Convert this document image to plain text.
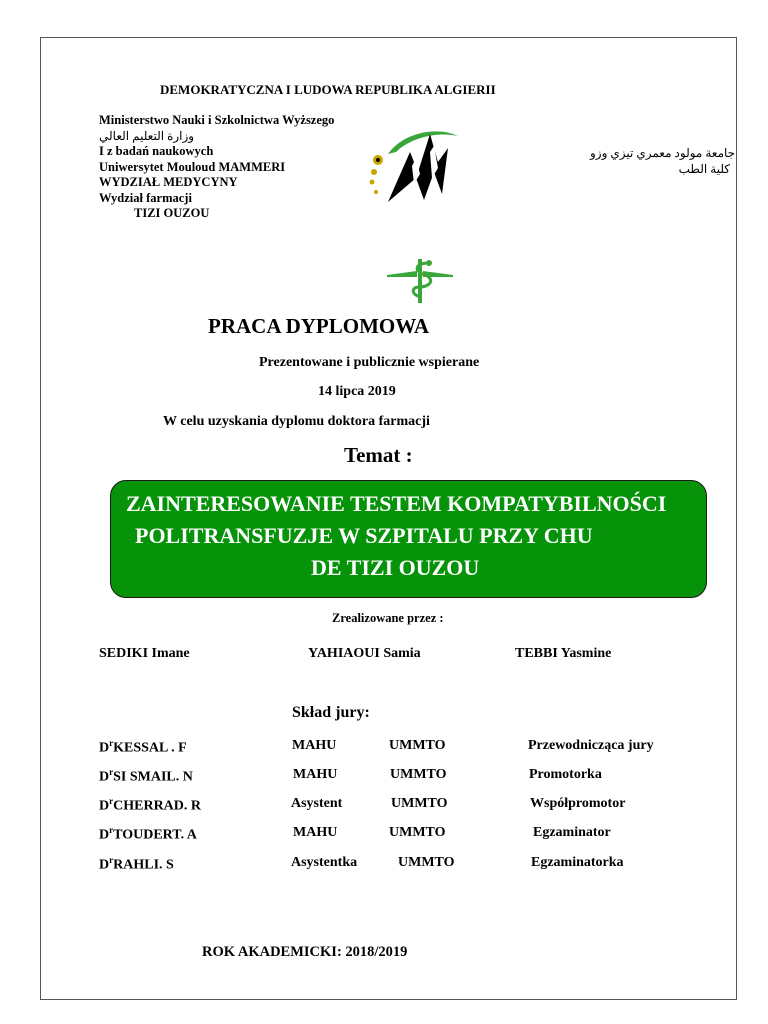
DEMOKRATYCZNA I LUDOWA REPUBLIKA ALGIERII
Ministerstwo Nauki i Szkolnictwa Wyższego
وزارة التعليم العالي
I z badań naukowych
Uniwersytet Mouloud MAMMERI
WYDZIAŁ MEDYCYNY
Wydział farmacji
TIZI OUZOU
جامعة مولود معمري تيزي وزو
كلية الطب
PRACA DYPLOMOWA
Prezentowane i publicznie wspierane
14 lipca 2019
W celu uzyskania dyplomu doktora farmacji
Temat :
ZAINTERESOWANIE TESTEM KOMPATYBILNOŚCI
POLITRANSFUZJE W SZPITALU PRZY CHU
DE TIZI OUZOU
Zrealizowane przez :
SEDIKI Imane	YAHIAOUI Samia	TEBBI Yasmine
Skład jury:
$D^rKESSAL$ . F	MAHU	UMMTO	Przewodnicząca jury
$D^rSI$ SMAIL. N	MAHU	UMMTO	Promotorka
$D^rCHERRAD$. R	Asystent	UMMTO	Współpromotor
$D^rTOUDERT$. A	MAHU	UMMTO	Egzaminator
$D^rRAHLI$. S	Asystentka	UMMTO	Egzaminatorka
ROK AKADEMICKI: 2018/2019
